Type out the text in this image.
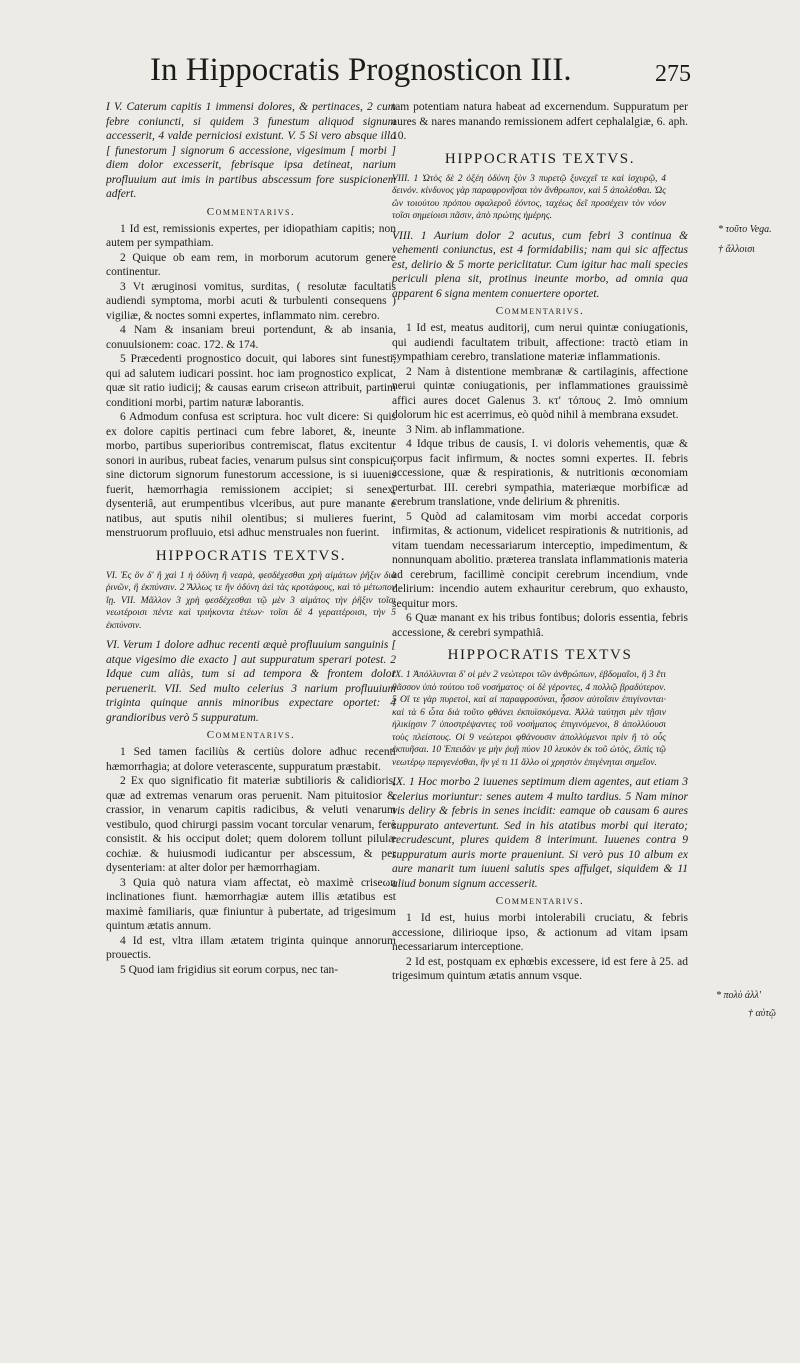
In Hippocratis Prognosticon III.	275

I V. Caterum capitis 1 immensi dolores, & pertinaces, 2 cum febre coniuncti, si quidem 3 funestum aliquod signum accesserit, 4 valde perniciosi existunt. V. 5 Si vero absque illa [ funestorum ] signorum 6 accessione, vigesimum [ morbi ] diem dolor excesserit, febrisque ipsa detineat, narium profluuium aut imis in partibus abscessum fore suspicionem adfert.

Commentarivs.

1 Id est, remissionis expertes, per idiopathiam capitis; non autem per sympathiam.

2 Quique ob eam rem, in morborum acutorum genere continentur.

3 Vt æruginosi vomitus, surditas, ( resolutæ facultatis audiendi symptoma, morbi acuti & turbulenti consequens ) vigiliæ, & noctes somni expertes, inflammato nim. cerebro.

4 Nam & insaniam breui portendunt, & ab insania, conuulsionem: coac. 172. & 174.

5 Præcedenti prognostico docuit, qui labores sint funesti, qui ad salutem iudicari possint. hoc iam prognostico explicat, quæ sit ratio iudicij; & causas earum criseωn attribuit, partim conditioni morbi, partim naturæ laborantis.

6 Admodum confusa est scriptura. hoc vult dicere: Si quis ex dolore capitis pertinaci cum febre laboret, &, ineunte morbo, partibus superioribus contremiscat, flatus excitentur sonori in auribus, rubeat facies, venarum pulsus sint conspicui, sine dictorum signorum funestorum accessione, is si iuuenis fuerit, hæmorrhagia remissionem accipiet; si senex, dysenteriâ, aut erumpentibus vlceribus, aut pure manante e natibus, aut sputis nihil olentibus; si mulieres fuerint, menstruorum profluuio, etsi adhuc menstruales non fuerint.

HIPPOCRATIS TEXTVS.

VI. Ἐς ὃν δ' ἢ χαὶ 1 ἡ ὀδύνη ἢ νεαρὰ, φεσδέχεσθαι χρὴ αἰμάτων ῥῆξιν διὰ ῥινῶν, ἢ ἐκπύνσιν. 2 Ἄλλως τε ἢν ὀδύνη ἀεὶ τὰς κροτάφους, καὶ τὸ μέτωπον ἴῃ. VII. Μᾶλλον 3 χρὴ φεσδέχεσθαι τῷ μὲν 3 αἱμάτος τὴν ῥῆξιν τοῖσι νεωτέροισι πέντε καὶ τριήκοντα ἐτέων· τοῖσι δὲ 4 γεραιτέροισι, τὴν 5 ἐκπύνσιν.

VI. Verum 1 dolore adhuc recenti æquè profluuium sanguinis [ atque vigesimo die exacto ] aut suppuratum sperari potest. 2 Idque cum aliàs, tum si ad tempora & frontem dolor peruenerit. VII. Sed multo celerius 3 narium profluuium triginta quinque annis minoribus expectare oportet: 4 grandioribus verò 5 suppuratum.

Commentarivs.

1 Sed tamen faciliùs & certiùs dolore adhuc recenti hæmorrhagia; at dolore veterascente, suppuratum præstabit.

2 Ex quo significatio fit materiæ subtilioris & calidioris, quæ ad extremas venarum oras peruenit. Nam pituitosior & crassior, in venarum capitis radicibus, & veluti venarum vestibulo, quod chirurgi passim vocant torcular venarum, ferè consistit. & his occiput dolet; quem dolorem tollunt pilulæ cochiæ. & huiusmodi iudicantur per abscessum, & per dysenteriam: at alter dolor per hæmorrhagiam.

3 Quia quò natura viam affectat, eò maximè criseωn inclinationes fiunt. hæmorrhagiæ autem illis ætatibus est maximè familiaris, quæ finiuntur à pubertate, ad trigesimum quintum ætatis annum.

4 Id est, vltra illam ætatem triginta quinque annorum prouectis.

5 Quod iam frigidius sit eorum corpus, nec tan-

tam potentiam natura habeat ad excernendum. Suppuratum per aures & nares manando remissionem adfert cephalalgiæ, 6. aph. 10.

HIPPOCRATIS TEXTVS.

VIII. 1 Ὠτὸς δὲ 2 ὀξέη ὀδύνη ξὺν 3 πυρετῷ ξυνεχεῖ τε καὶ ἰσχυρῷ, 4 δεινόν. κίνδυνος γὰρ παραφρονῆσαι τὸν ἄνθρωπον, καὶ 5 ἀπολέσθαι. Ὡς ὢν τοιούτου πρόπου σφαλεροῦ ἐόντος, ταχέως δεῖ προσέχειν τὸν νόον τοῖσι σημείοισι πᾶσιν, ἀπὸ πρώτης ἡμέρης.

VIII. 1 Aurium dolor 2 acutus, cum febri 3 continua & vehementi coniunctus, est 4 formidabilis; nam qui sic affectus est, delirio & 5 morte periclitatur. Cum igitur hac mali species periculi plena sit, protinus ineunte morbo, ad omnia qua apparent 6 signa mentem conuertere oportet.

Commentarivs.

1 Id est, meatus auditorij, cum nerui quintæ coniugationis, qui audiendi facultatem tribuit, affectione: tractò etiam in sympathiam cerebro, translatione materiæ inflammationis.

2 Nam à distentione membranæ & cartilaginis, affectione nerui quintæ coniugationis, per inflammationes grauissimè affici aures docet Galenus 3. κτ' τόπους 2. Imò omnium dolorum hic est acerrimus, eò quòd nihil à membrana exsudet.

3 Nim. ab inflammatione.

4 Idque tribus de causis, I. vi doloris vehementis, quæ & corpus facit infirmum, & noctes somni expertes. II. febris accessione, quæ & respirationis, & nutritionis œconomiam perturbat. III. cerebri sympathia, materiæque morbificæ ad cerebrum translatione, vnde delirium & phrenitis.

5 Quòd ad calamitosam vim morbi accedat corporis infirmitas, & actionum, videlicet respirationis & nutritionis, ad vitam tuendam necessariarum interceptio, impedimentum, & nonnunquam abolitio. præterea translata inflammationis materia ad cerebrum, facillimè concipit cerebrum incendium, vnde delirium: incendio autem exhauritur cerebrum, quo exhausto, sequitur mors.

6 Quæ manant ex his tribus fontibus; doloris essentia, febris accessione, & cerebri sympathiâ.

HIPPOCRATIS TEXTVS

IX. 1 Ἀπόλλυνται δ' οἱ μὲν 2 νεώτεροι τῶν ἀνθρώπων, ἑβδομαῖοι, ἢ 3 ἔτι θᾶσσον ὑπὸ τούτου τοῦ νοσήματος· οἱ δὲ γέροντες, 4 πολλῷ βραδύτερον. 5 Οἵ τε γὰρ πυρετοὶ, καὶ αἱ παραφροσύναι, ἧσσον αὐτοῖσιν ἐπιγίνονται· καὶ τὰ 6 ὦτα διὰ τοῦτο φθάνει ἐκπυϊσκόμενα. Ἀλλὰ ταύτῃσι μὲν τῇσιν ἡλικίῃσιν 7 ὑποστρέψαντες τοῦ νοσήματος ἐπιγινόμενοι, 8 ἀπολλύουσι τοὺς πλείστους. Οἱ 9 νεώτεροι φθάνουσιν ἀπολλύμενοι πρὶν ἢ τὸ οὖς ἐκπυῆσαι. 10 Ἐπειδὰν γε μὴν ῥυῇ πύον 10 λευκὸν ἐκ τοῦ ὠτὸς, ἐλπὶς τῷ νεωτέρῳ περιγενέσθαι, ἢν γέ τι 11 ἄλλο οἱ χρηστὸν ἐπιγένηται σημεῖον.

IX. 1 Hoc morbo 2 iuuenes septimum diem agentes, aut etiam 3 celerius moriuntur: senes autem 4 multo tardius. 5 Nam minor vis deliry & febris in senes incidit: eamque ob causam 6 aures suppurato antevertunt. Sed in his atatibus morbi qui iterato; recrudescunt, plures quidem 8 interimunt. Iuuenes contra 9 suppuratum auris morte praueniunt. Si verò pus 10 album ex aure manarit tum iuueni salutis spes affulget, siquidem & 11 aliud bonum signum accesserit.

Commentarivs.

1 Id est, huius morbi intolerabili cruciatu, & febris accessione, dilirioque ipso, & actionum ad vitam ipsam necessariarum interceptione.

2 Id est, postquam ex ephœbis excessere, id est fere à 25. ad trigesimum quintum ætatis annum vsque.

* τοῦτο Vega.
† ἄλλοισι
* πολὺ ἀλλ'
† αὐτῷ
